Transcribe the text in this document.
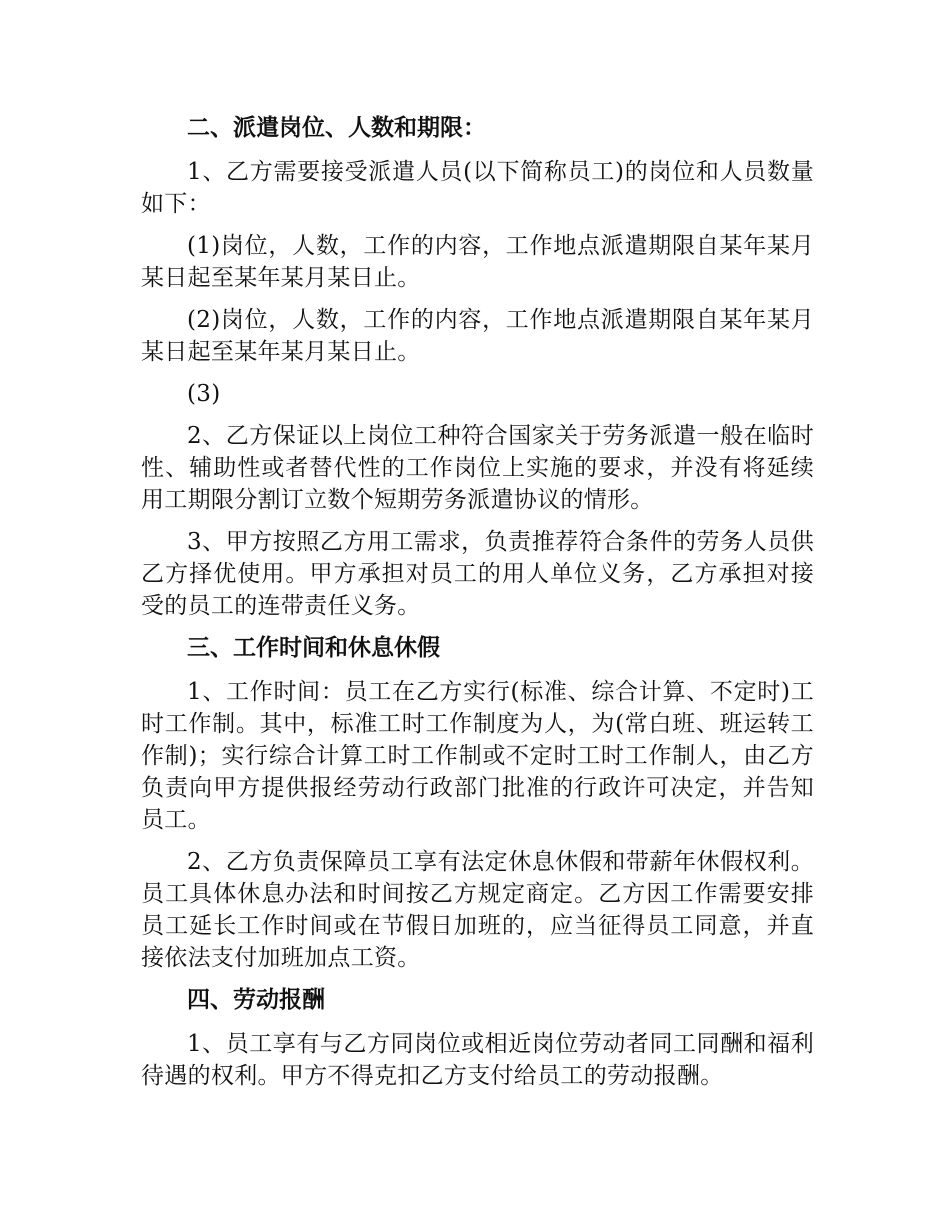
二、派遣岗位、人数和期限：

1、乙方需要接受派遣人员(以下简称员工)的岗位和人员数量如下：

(1)岗位，人数，工作的内容，工作地点派遣期限自某年某月某日起至某年某月某日止。

(2)岗位，人数，工作的内容，工作地点派遣期限自某年某月某日起至某年某月某日止。

(3)

2、乙方保证以上岗位工种符合国家关于劳务派遣一般在临时性、辅助性或者替代性的工作岗位上实施的要求，并没有将延续用工期限分割订立数个短期劳务派遣协议的情形。

3、甲方按照乙方用工需求，负责推荐符合条件的劳务人员供乙方择优使用。甲方承担对员工的用人单位义务，乙方承担对接受的员工的连带责任义务。

三、工作时间和休息休假

1、工作时间：员工在乙方实行(标准、综合计算、不定时)工时工作制。其中，标准工时工作制度为人，为(常白班、班运转工作制)；实行综合计算工时工作制或不定时工时工作制人，由乙方负责向甲方提供报经劳动行政部门批准的行政许可决定，并告知员工。

2、乙方负责保障员工享有法定休息休假和带薪年休假权利。员工具体休息办法和时间按乙方规定商定。乙方因工作需要安排员工延长工作时间或在节假日加班的，应当征得员工同意，并直接依法支付加班加点工资。

四、劳动报酬

1、员工享有与乙方同岗位或相近岗位劳动者同工同酬和福利待遇的权利。甲方不得克扣乙方支付给员工的劳动报酬。
